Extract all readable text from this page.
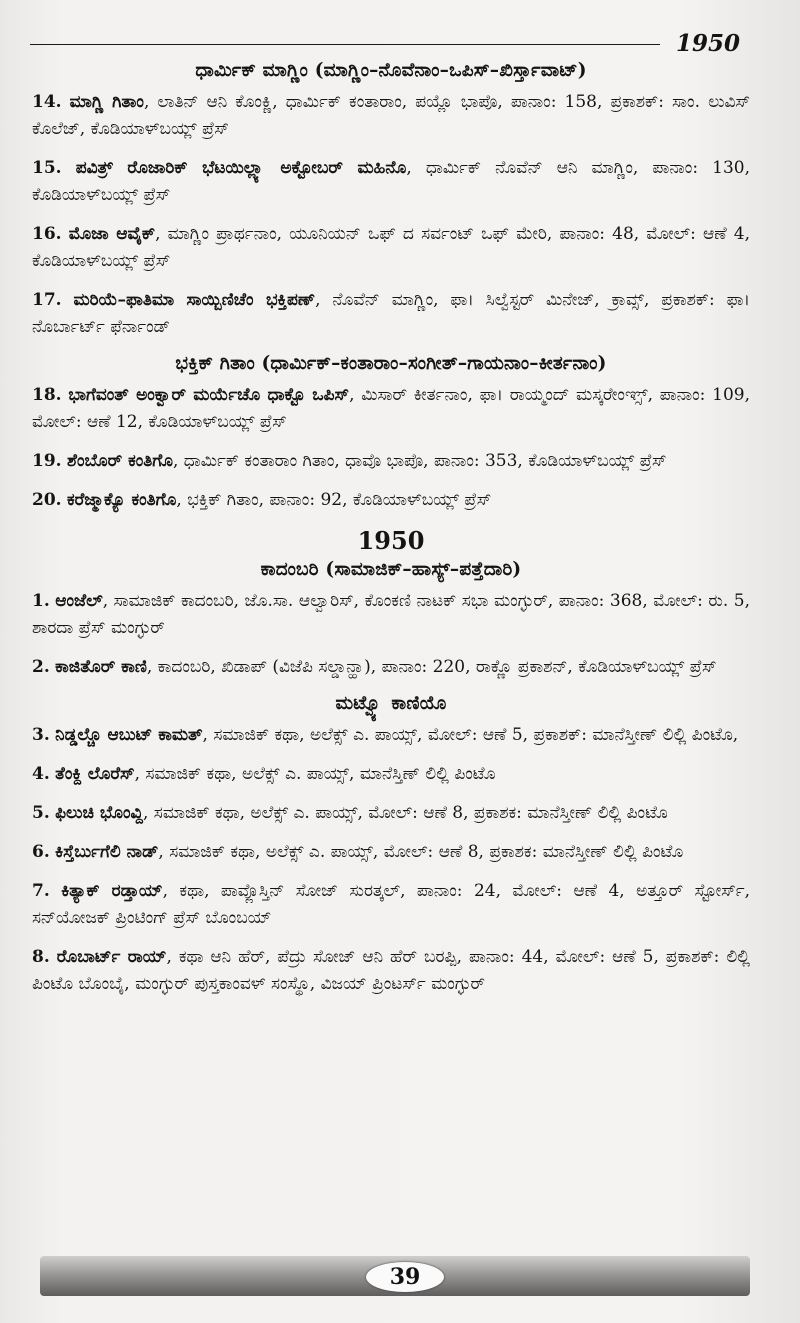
1950
ಧಾರ್ಮಿಕ್ ಮಾಗ್ಣಿಂ (ಮಾಗ್ಣಿಂ–ನೊವೆನಾಂ–ಒಪಿಸ್–ಖಿರ್ಸ್ತಾವಾಟ್)
14. ಮಾಗ್ಣಿ ಗಿತಾಂ, ಲಾತಿನ್ ಆನಿ ಕೊಂಕ್ಣಿ, ಧಾರ್ಮಿಕ್ ಕಂತಾರಾಂ, ಪಯ್ಲೊ ಭಾಪೊ, ಪಾನಾಂ: 158, ಪ್ರಕಾಶಕ್: ಸಾಂ. ಲುವಿಸ್ ಕೊಲೆಜ್, ಕೊಡಿಯಾಳ್‌ಬಯ್ಲ್ ಪ್ರೆಸ್
15. ಪವಿತ್ರ್ ರೊಜಾರಿಕ್ ಭೆಟಯಿಲ್ಲ್ಯಾ ಅಕ್ಟೋಬರ್ ಮಹಿನೊ, ಧಾರ್ಮಿಕ್ ನೊವೆನ್ ಆನಿ ಮಾಗ್ಣಿಂ, ಪಾನಾಂ: 130, ಕೊಡಿಯಾಳ್‌ಬಯ್ಲ್ ಪ್ರೆಸ್
16. ಮೊಜಾ ಆವೈಕ್, ಮಾಗ್ಣಿಂ ಪ್ರಾರ್ಥನಾಂ, ಯೂನಿಯನ್ ಒಫ್ ದ ಸರ್ವಂಟ್ ಒಫ್ ಮೇರಿ, ಪಾನಾಂ: 48, ಮೋಲ್: ಆಣೆ 4, ಕೊಡಿಯಾಳ್‌ಬಯ್ಲ್ ಪ್ರೆಸ್
17. ಮರಿಯೆ–ಫಾತಿಮಾ ಸಾಯ್ಬಿಣಿಚೆಂ ಭಕ್ತಿಪಣ್, ನೊವೆನ್ ಮಾಗ್ಣಿಂ, ಫಾ। ಸಿಲ್ವೆಸ್ಟರ್ ಮಿನೇಜ್, ಕ್ರಾವ್ಸ್, ಪ್ರಕಾಶಕ್: ಫಾ। ನೊರ್ಬಾರ್ಟ್ ಫೆರ್ನಾಂಡ್
ಭಕ್ತಿಕ್ ಗಿತಾಂ (ಧಾರ್ಮಿಕ್–ಕಂತಾರಾಂ–ಸಂಗೀತ್–ಗಾಯನಾಂ–ಕೀರ್ತನಾಂ)
18. ಭಾಗೆವಂತ್ ಅಂಕ್ವಾರ್ ಮರ್ಯೆಚೊ ಧಾಕ್ಟೊ ಒಪಿಸ್, ಮಿಸಾರ್ ಕೀರ್ತನಾಂ, ಫಾ। ರಾಯ್ಮಂದ್ ಮಸ್ಕರೇಂಞ್ಸ್, ಪಾನಾಂ: 109, ಮೋಲ್: ಆಣೆ 12, ಕೊಡಿಯಾಳ್‌ಬಯ್ಲ್ ಪ್ರೆಸ್
19. ಶೆಂಬೊರ್ ಕಂತಿಗೊ, ಧಾರ್ಮಿಕ್ ಕಂತಾರಾಂ ಗಿತಾಂ, ಧಾವೊ ಭಾಪೊ, ಪಾನಾಂ: 353, ಕೊಡಿಯಾಳ್‌ಬಯ್ಲ್ ಪ್ರೆಸ್
20. ಕರೆಜ್ಮಾಕ್ಯೊ ಕಂತಿಗೊ, ಭಕ್ತಿಕ್ ಗಿತಾಂ, ಪಾನಾಂ: 92, ಕೊಡಿಯಾಳ್‌ಬಯ್ಲ್ ಪ್ರೆಸ್
1950
ಕಾದಂಬರಿ (ಸಾಮಾಜಿಕ್–ಹಾಸ್ಯ್–ಪತ್ತೆದಾರಿ)
1. ಆಂಜೆಲ್, ಸಾಮಾಜಿಕ್ ಕಾದಂಬರಿ, ಜೊ.ಸಾ. ಆಲ್ವಾರಿಸ್, ಕೊಂಕಣಿ ನಾಟಕ್ ಸಭಾ ಮಂಗ್ಳುರ್, ಪಾನಾಂ: 368, ಮೋಲ್: ರು. 5, ಶಾರದಾ ಪ್ರೆಸ್ ಮಂಗ್ಳುರ್
2. ಕಾಜಿತೊರ್ ಕಾಣಿ, ಕಾದಂಬರಿ, ಖಿಡಾಪ್ (ವಿಜೆಪಿ ಸಲ್ಡಾನ್ಹಾ), ಪಾನಾಂ: 220, ರಾಕ್ಣೊ ಪ್ರಕಾಶನ್, ಕೊಡಿಯಾಳ್‌ಬಯ್ಲ್ ಪ್ರೆಸ್
ಮಟ್ವ್ಯೊ ಕಾಣಿಯೊ
3. ನಿಡ್ಡಲ್ಚೊ ಆಬುಟ್ ಕಾಮತ್, ಸಮಾಜಿಕ್ ಕಥಾ, ಅಲೆಕ್ಸ್ ಎ. ಪಾಯ್ಸ್, ಮೋಲ್: ಆಣೆ 5, ಪ್ರಕಾಶಕ್: ಮಾನೆಸ್ತೀಣ್ ಲಿಲ್ಲಿ ಪಿಂಟೊ,
4. ತೆಂಕ್ದಿ ಲೊರೆಸ್, ಸಮಾಜಿಕ್ ಕಥಾ, ಅಲೆಕ್ಸ್ ಎ. ಪಾಯ್ಸ್, ಮಾನೆಸ್ತಿಣ್ ಲಿಲ್ಲಿ ಪಿಂಟೊ
5. ಫಿಲುಚಿ ಭೊಂವ್ದಿ, ಸಮಾಜಿಕ್ ಕಥಾ, ಅಲೆಕ್ಸ್ ಎ. ಪಾಯ್ಸ್, ಮೋಲ್: ಆಣೆ 8, ಪ್ರಕಾಶಕ: ಮಾನೆಸ್ತೀಣ್ ಲಿಲ್ಲಿ ಪಿಂಟೊ
6. ಕಿಸ್ತೆರ್ಬುಗೆಲಿ ನಾಡ್, ಸಮಾಜಿಕ್ ಕಥಾ, ಅಲೆಕ್ಸ್ ಎ. ಪಾಯ್ಸ್, ಮೋಲ್: ಆಣೆ 8, ಪ್ರಕಾಶಕ: ಮಾನೆಸ್ತೀಣ್ ಲಿಲ್ಲಿ ಪಿಂಟೊ
7. ಕಿತ್ಯಾಕ್ ರಡ್ತಾಯ್, ಕಥಾ, ಪಾವ್ಲೊಸ್ತಿನ್ ಸೋಜ್ ಸುರತ್ಕಲ್, ಪಾನಾಂ: 24, ಮೋಲ್: ಆಣೆ 4, ಅತ್ತೂರ್ ಸ್ಟೋರ್ಸ್, ಸನ್‌ಯೋಜಕ್ ಪ್ರಿಂಟಿಂಗ್ ಪ್ರೆಸ್ ಬೊಂಬಯ್
8. ರೊಬಾರ್ಟ್ ರಾಯ್, ಕಥಾ ಆನಿ ಹೆರ್, ಪೆದ್ರು ಸೋಜ್ ಆನಿ ಹೆರ್ ಬರಪ್ಪಿ, ಪಾನಾಂ: 44, ಮೋಲ್: ಆಣೆ 5, ಪ್ರಕಾಶಕ್: ಲಿಲ್ಲಿ ಪಿಂಟೊ ಬೊಂಬೈ, ಮಂಗ್ಳುರ್ ಪುಸ್ತಕಾಂವಳ್ ಸಂಸ್ಥೊ, ವಿಜಯ್ ಪ್ರಿಂಟರ್ಸ್ ಮಂಗ್ಳುರ್
39
